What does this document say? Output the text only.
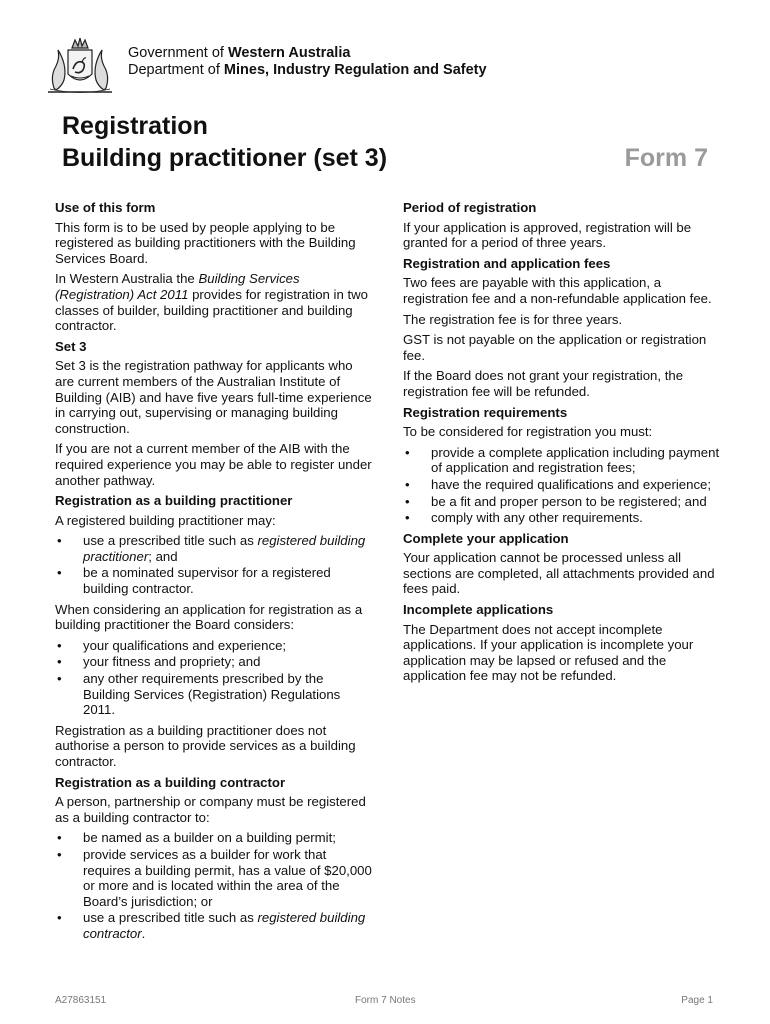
Government of Western Australia
Department of Mines, Industry Regulation and Safety
Registration
Building practitioner (set 3)	Form 7
Use of this form

This form is to be used by people applying to be registered as building practitioners with the Building Services Board.

In Western Australia the Building Services (Registration) Act 2011 provides for registration in two classes of builder, building practitioner and building contractor.

Set 3

Set 3 is the registration pathway for applicants who are current members of the Australian Institute of Building (AIB) and have five years full-time experience in carrying out, supervising or managing building construction.

If you are not a current member of the AIB with the required experience you may be able to register under another pathway.

Registration as a building practitioner

A registered building practitioner may:

• use a prescribed title such as registered building practitioner; and
• be a nominated supervisor for a registered building contractor.

When considering an application for registration as a building practitioner the Board considers:

• your qualifications and experience;
• your fitness and propriety; and
• any other requirements prescribed by the Building Services (Registration) Regulations 2011.

Registration as a building practitioner does not authorise a person to provide services as a building contractor.

Registration as a building contractor

A person, partnership or company must be registered as a building contractor to:

• be named as a builder on a building permit;
• provide services as a builder for work that requires a building permit, has a value of $20,000 or more and is located within the area of the Board’s jurisdiction; or
• use a prescribed title such as registered building contractor.
Period of registration

If your application is approved, registration will be granted for a period of three years.

Registration and application fees

Two fees are payable with this application, a registration fee and a non-refundable application fee.

The registration fee is for three years.

GST is not payable on the application or registration fee.

If the Board does not grant your registration, the registration fee will be refunded.

Registration requirements

To be considered for registration you must:

• provide a complete application including payment of application and registration fees;
• have the required qualifications and experience;
• be a fit and proper person to be registered; and
• comply with any other requirements.
Complete your application

Your application cannot be processed unless all sections are completed, all attachments provided and fees paid.

Incomplete applications

The Department does not accept incomplete applications. If your application is incomplete your application may be lapsed or refused and the application fee may not be refunded.

A27863151	Form 7 Notes	Page 1
